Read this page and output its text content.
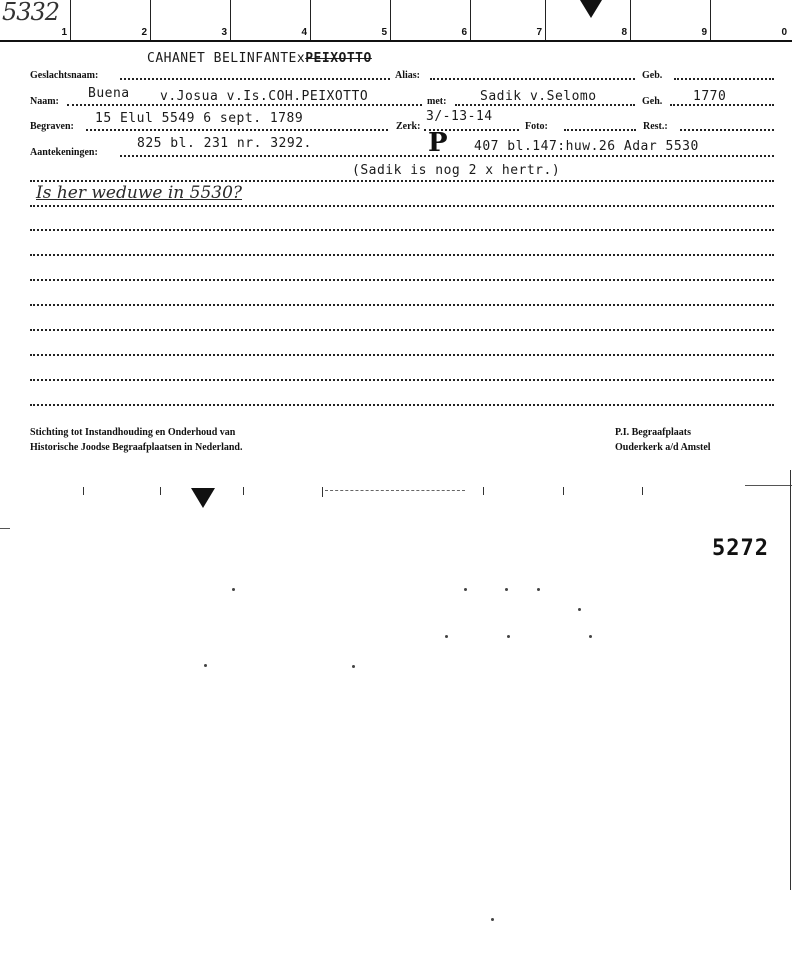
1	2	3	4	5	6	7	8	9	0
5332
CAHANET BELINFANTExPEIXOTTO
Geslachtsnaam:	Alias:	Geb.
Naam:
Buena v.Josua v.Is.COH.PEIXOTTO	met:	Sadik v.Selomo	Geh. 1770
Begraven:
15 Elul 5549 6 sept. 1789
Zerk:
3/-13-14
Foto:	Rest.:
Aantekeningen:
825 bl. 231 nr. 3292.	P 407 bl.147:huw.26 Adar 5530
(Sadik is nog 2 x hertr.)
Is her weduwe in 5530?
Stichting tot Instandhouding en Onderhoud van
Historische Joodse Begraafplaatsen in Nederland.
P.I. Begraafplaats
Ouderkerk a/d Amstel
5272
